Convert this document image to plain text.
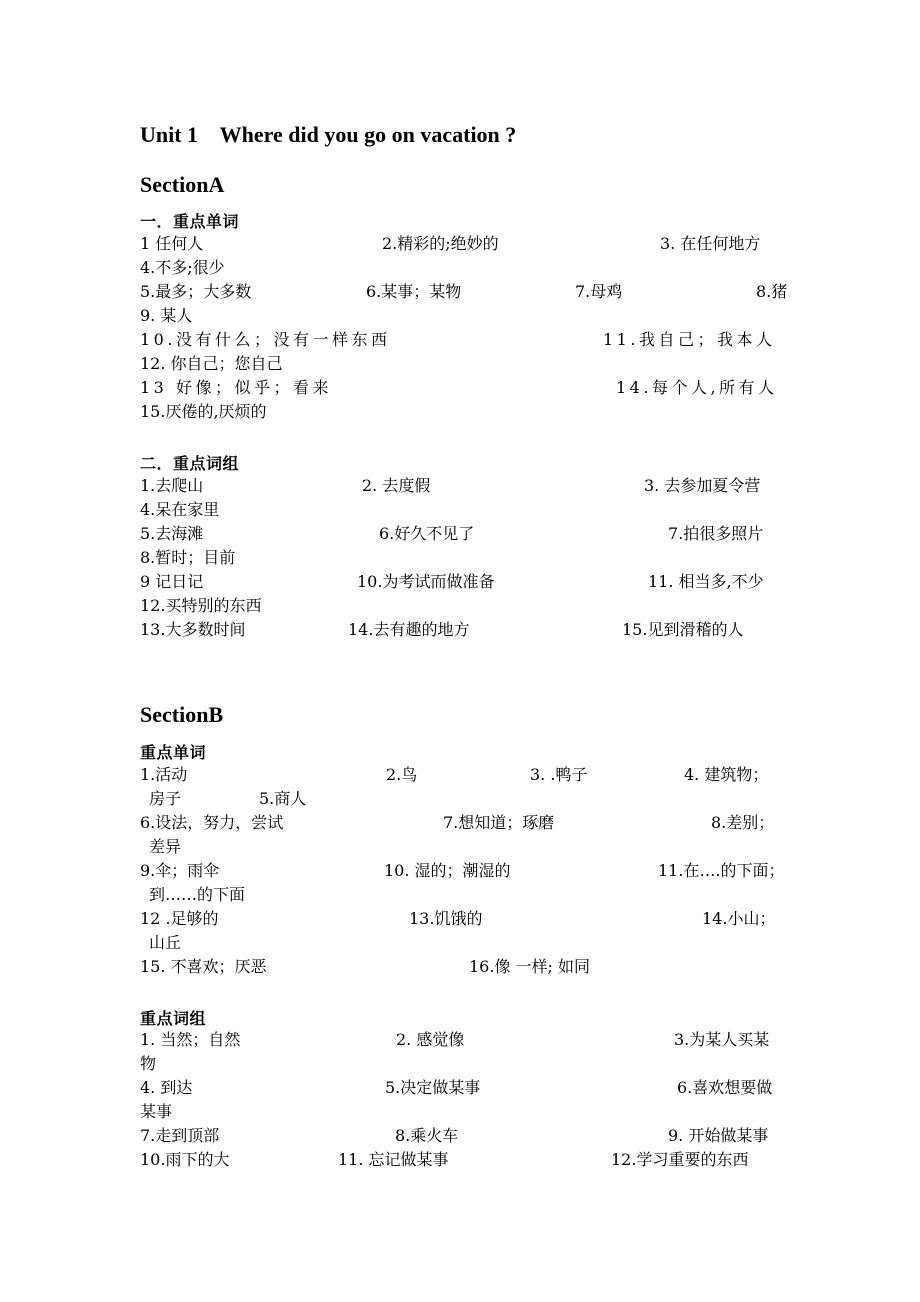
Unit 1    Where did you go on vacation ?
SectionA
一．重点单词
1 任何人	2.精彩的;绝妙的	3. 在任何地方
4.不多;很少
5.最多；大多数	6.某事；某物	7.母鸡	8.猪
9. 某人
10.没有什么；没有一样东西	11.我自己；我本人
12. 你自己；您自己
13 好像；似乎；看来	14.每个人,所有人
15.厌倦的,厌烦的
二．重点词组
1.去爬山	2. 去度假	3. 去参加夏令营
4.呆在家里
5.去海滩	6.好久不见了	7.拍很多照片
8.暂时；目前
9 记日记	10.为考试而做准备	11. 相当多,不少
12.买特别的东西
13.大多数时间	14.去有趣的地方	15.见到滑稽的人
SectionB
重点单词
1.活动	2.鸟	3. .鸭子	4. 建筑物；
房子	5.商人
6.设法，努力，尝试	7.想知道；琢磨	8.差别；
差异
9.伞；雨伞	10. 湿的；潮湿的	11.在….的下面；
到……的下面
12 .足够的	13.饥饿的	14.小山；
山丘
15. 不喜欢；厌恶	16.像 一样; 如同
重点词组
1. 当然；自然	2. 感觉像	3.为某人买某
物
4. 到达	5.决定做某事	6.喜欢想要做
某事
7.走到顶部	8.乘火车	9. 开始做某事
10.雨下的大	11. 忘记做某事	12.学习重要的东西
